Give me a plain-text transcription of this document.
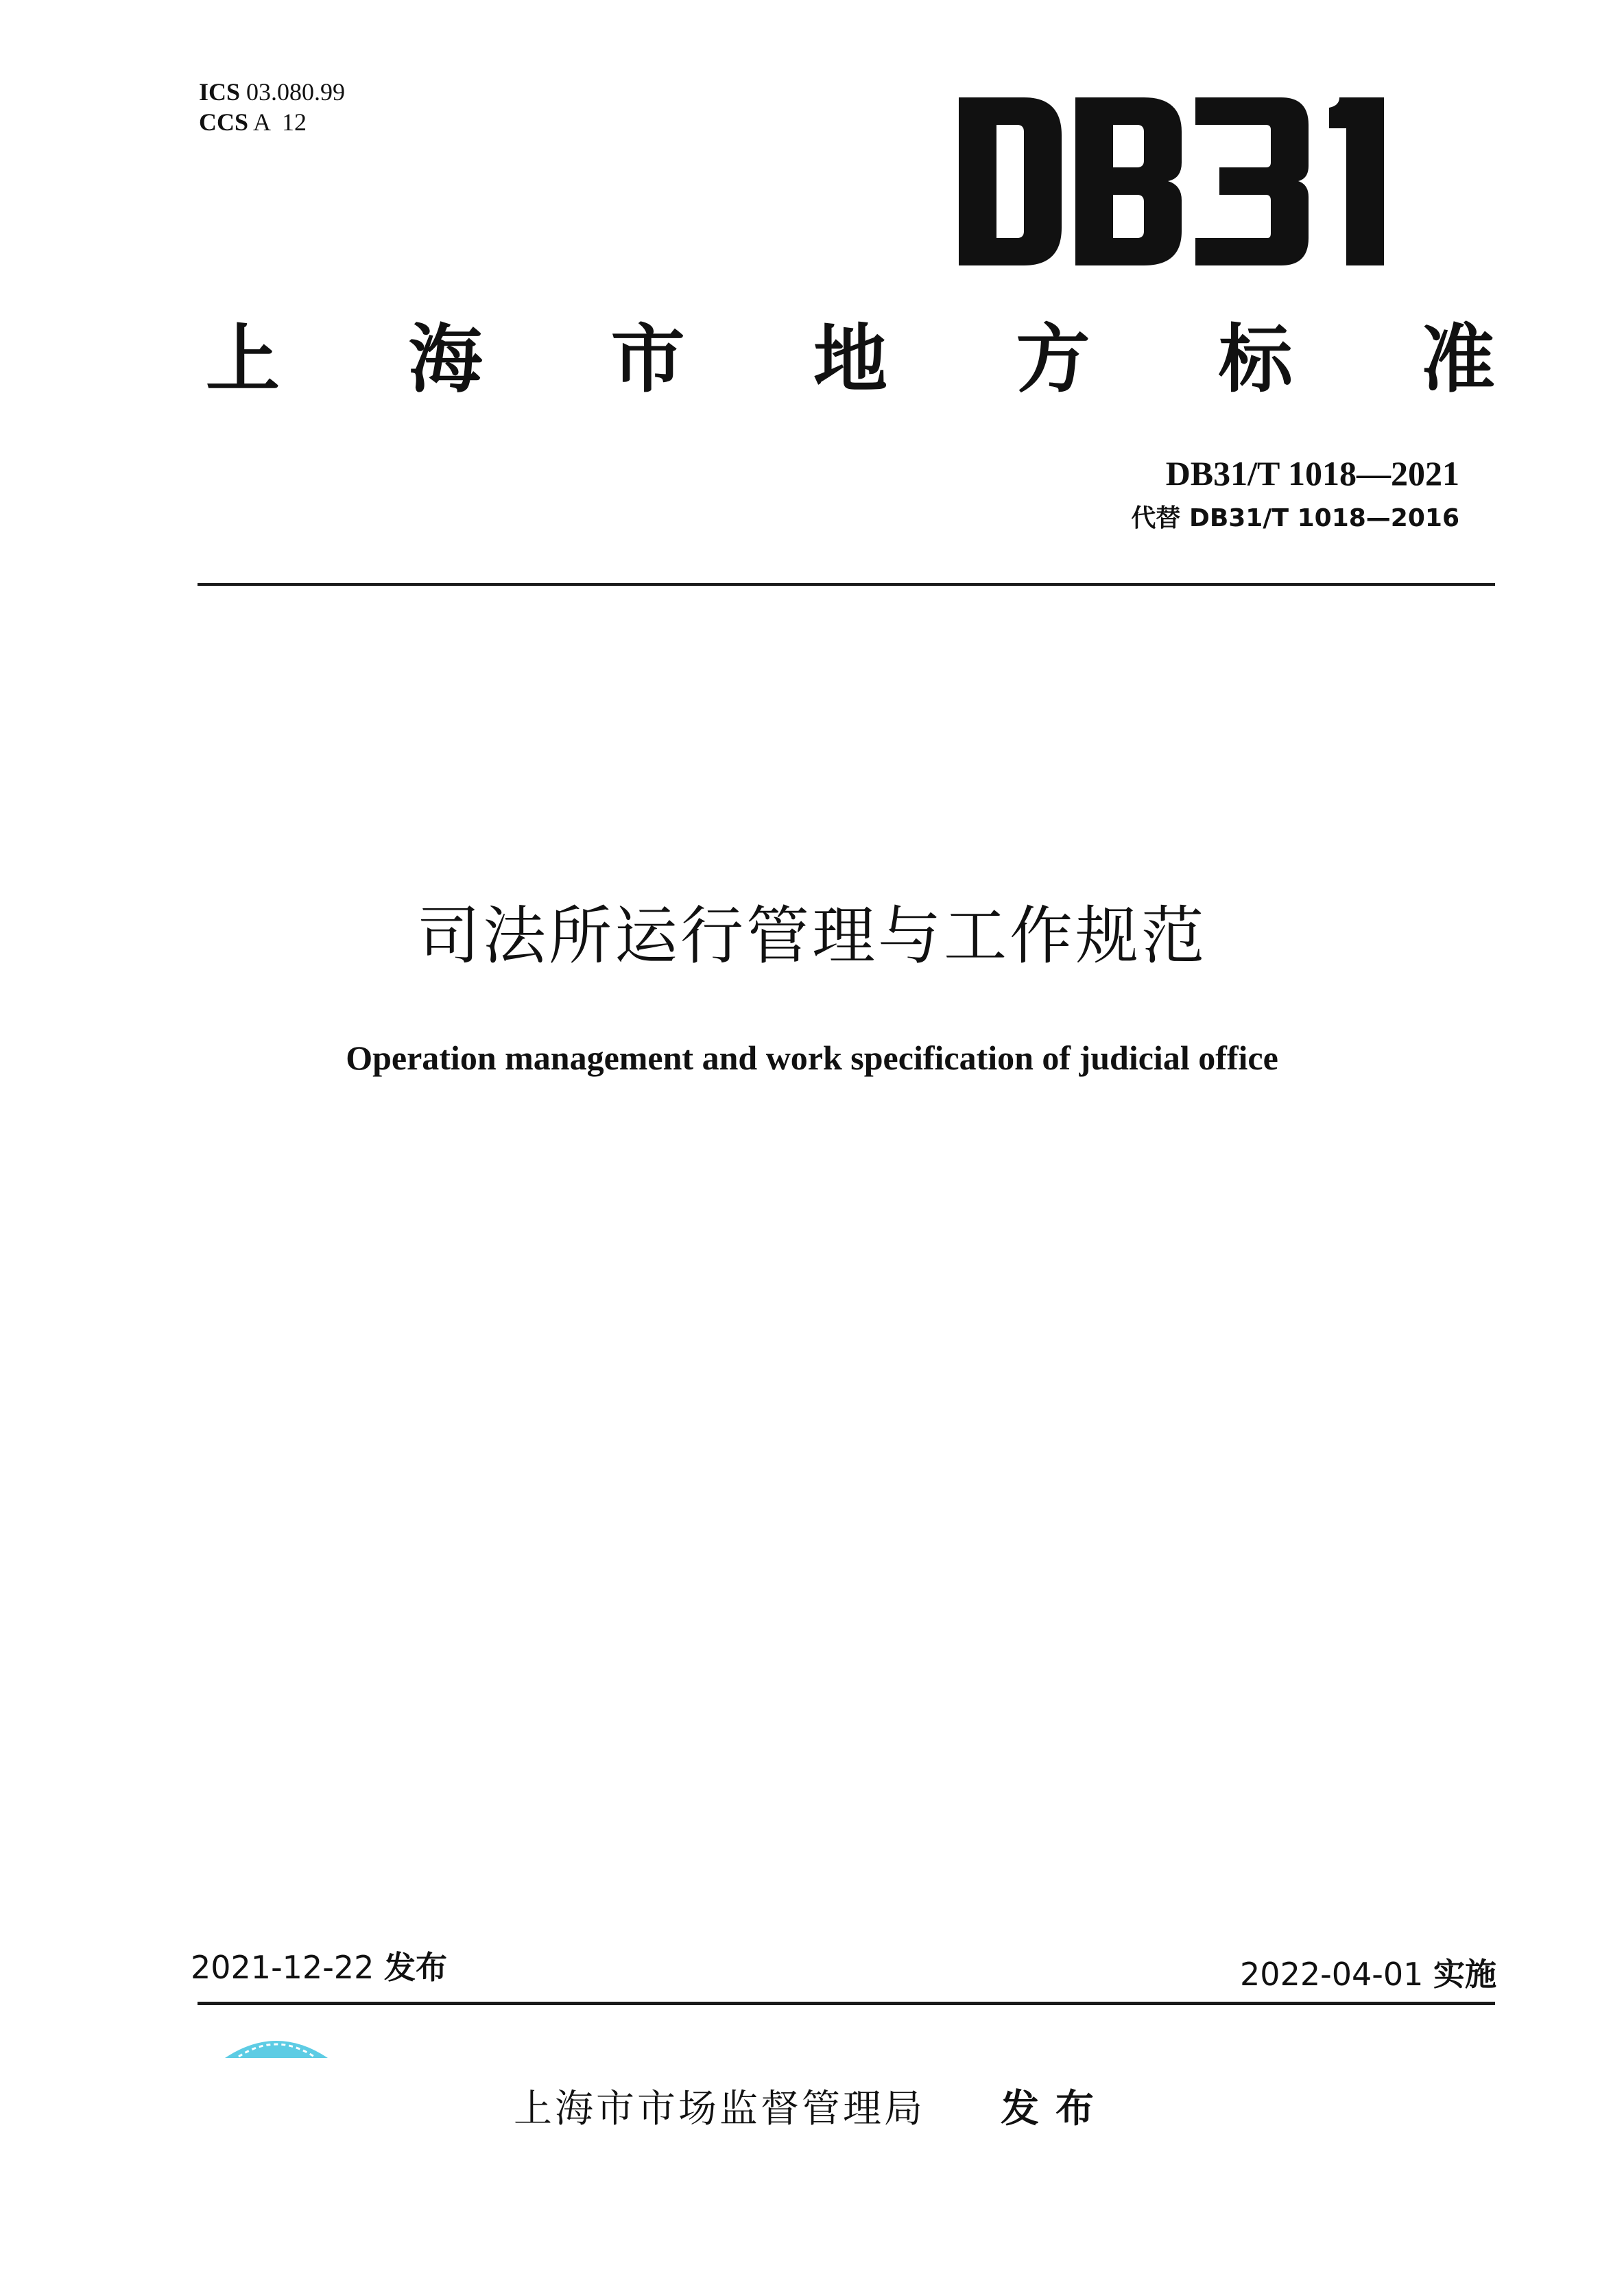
ICS 03.080.99
CCS A  12
上 海 市 地 方 标 准
DB31/T 1018—2021
代替 DB31/T 1018—2016
司法所运行管理与工作规范
Operation management and work specification of judicial office
2021-12-22 发布	2022-04-01 实施
上海市市场监督管理局 发布
